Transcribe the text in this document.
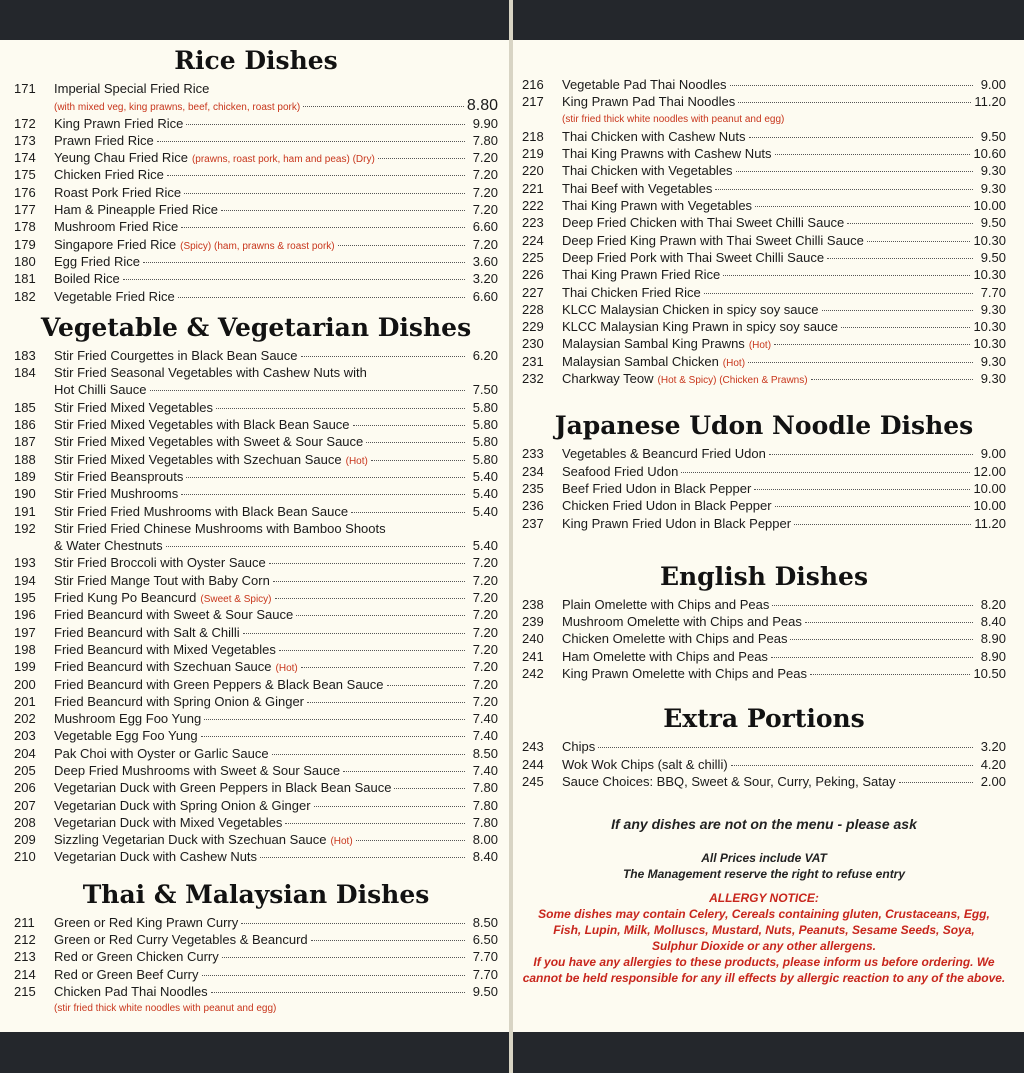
Rice Dishes
171	Imperial Special Fried Rice
(with mixed veg, king prawns, beef, chicken, roast pork)	8.80
172	King Prawn Fried Rice	9.90
173	Prawn Fried Rice	7.80
174	Yeung Chau Fried Rice (prawns, roast pork, ham and peas) (Dry)	7.20
175	Chicken Fried Rice	7.20
176	Roast Pork Fried Rice	7.20
177	Ham & Pineapple Fried Rice	7.20
178	Mushroom Fried Rice	6.60
179	Singapore Fried Rice (Spicy) (ham, prawns & roast pork)	7.20
180	Egg Fried Rice	3.60
181	Boiled Rice	3.20
182	Vegetable Fried Rice	6.60
Vegetable & Vegetarian Dishes
183	Stir Fried Courgettes in Black Bean Sauce	6.20
184	Stir Fried Seasonal Vegetables with Cashew Nuts with
Hot Chilli Sauce	7.50
185	Stir Fried Mixed Vegetables	5.80
186	Stir Fried Mixed Vegetables with Black Bean Sauce	5.80
187	Stir Fried Mixed Vegetables with Sweet & Sour Sauce	5.80
188	Stir Fried Mixed Vegetables with Szechuan Sauce (Hot)	5.80
189	Stir Fried Beansprouts	5.40
190	Stir Fried Mushrooms	5.40
191	Stir Fried Fried Mushrooms with Black Bean Sauce	5.40
192	Stir Fried Fried Chinese Mushrooms with Bamboo Shoots
& Water Chestnuts	5.40
193	Stir Fried Broccoli with Oyster Sauce	7.20
194	Stir Fried Mange Tout with Baby Corn	7.20
195	Fried Kung Po Beancurd (Sweet & Spicy)	7.20
196	Fried Beancurd with Sweet & Sour Sauce	7.20
197	Fried Beancurd with Salt & Chilli	7.20
198	Fried Beancurd with Mixed Vegetables	7.20
199	Fried Beancurd with Szechuan Sauce (Hot)	7.20
200	Fried Beancurd with Green Peppers & Black Bean Sauce	7.20
201	Fried Beancurd with Spring Onion & Ginger	7.20
202	Mushroom Egg Foo Yung	7.40
203	Vegetable Egg Foo Yung	7.40
204	Pak Choi with Oyster or Garlic Sauce	8.50
205	Deep Fried Mushrooms with Sweet & Sour Sauce	7.40
206	Vegetarian Duck with Green Peppers in Black Bean Sauce	7.80
207	Vegetarian Duck with Spring Onion & Ginger	7.80
208	Vegetarian Duck with Mixed Vegetables	7.80
209	Sizzling Vegetarian Duck with Szechuan Sauce (Hot)	8.00
210	Vegetarian Duck with Cashew Nuts	8.40
Thai & Malaysian Dishes
211	Green or Red King Prawn Curry	8.50
212	Green or Red Curry Vegetables & Beancurd	6.50
213	Red or Green Chicken Curry	7.70
214	Red or Green Beef Curry	7.70
215	Chicken Pad Thai Noodles	9.50
(stir fried thick white noodles with peanut and egg)
216	Vegetable Pad Thai Noodles	9.00
217	King Prawn Pad Thai Noodles	11.20
(stir fried thick white noodles with peanut and egg)
218	Thai Chicken with Cashew Nuts	9.50
219	Thai King Prawns with Cashew Nuts	10.60
220	Thai Chicken with Vegetables	9.30
221	Thai Beef with Vegetables	9.30
222	Thai King Prawn with Vegetables	10.00
223	Deep Fried Chicken with Thai Sweet Chilli Sauce	9.50
224	Deep Fried King Prawn with Thai Sweet Chilli Sauce	10.30
225	Deep Fried Pork with Thai Sweet Chilli Sauce	9.50
226	Thai King Prawn Fried Rice	10.30
227	Thai Chicken Fried Rice	7.70
228	KLCC Malaysian Chicken in spicy soy sauce	9.30
229	KLCC Malaysian King Prawn in spicy soy sauce	10.30
230	Malaysian Sambal King Prawns (Hot)	10.30
231	Malaysian Sambal Chicken (Hot)	9.30
232	Charkway Teow (Hot & Spicy) (Chicken & Prawns)	9.30
Japanese Udon Noodle Dishes
233	Vegetables & Beancurd Fried Udon	9.00
234	Seafood Fried Udon	12.00
235	Beef Fried Udon in Black Pepper	10.00
236	Chicken Fried Udon in Black Pepper	10.00
237	King Prawn Fried Udon in Black Pepper	11.20
English Dishes
238	Plain Omelette with Chips and Peas	8.20
239	Mushroom Omelette with Chips and Peas	8.40
240	Chicken Omelette with Chips and Peas	8.90
241	Ham Omelette with Chips and Peas	8.90
242	King Prawn Omelette with Chips and Peas	10.50
Extra Portions
243	Chips	3.20
244	Wok Wok Chips (salt & chilli)	4.20
245	Sauce Choices: BBQ, Sweet & Sour, Curry, Peking, Satay	2.00

If any dishes are not on the menu - please ask

All Prices include VAT

The Management reserve the right to refuse entry

ALLERGY NOTICE:

Some dishes may contain Celery, Cereals containing gluten, Crustaceans, Egg,

Fish, Lupin, Milk, Molluscs, Mustard, Nuts, Peanuts, Sesame Seeds, Soya,

Sulphur Dioxide or any other allergens.

If you have any allergies to these products, please inform us before ordering. We

cannot be held responsible for any ill effects by allergic reaction to any of the above.
